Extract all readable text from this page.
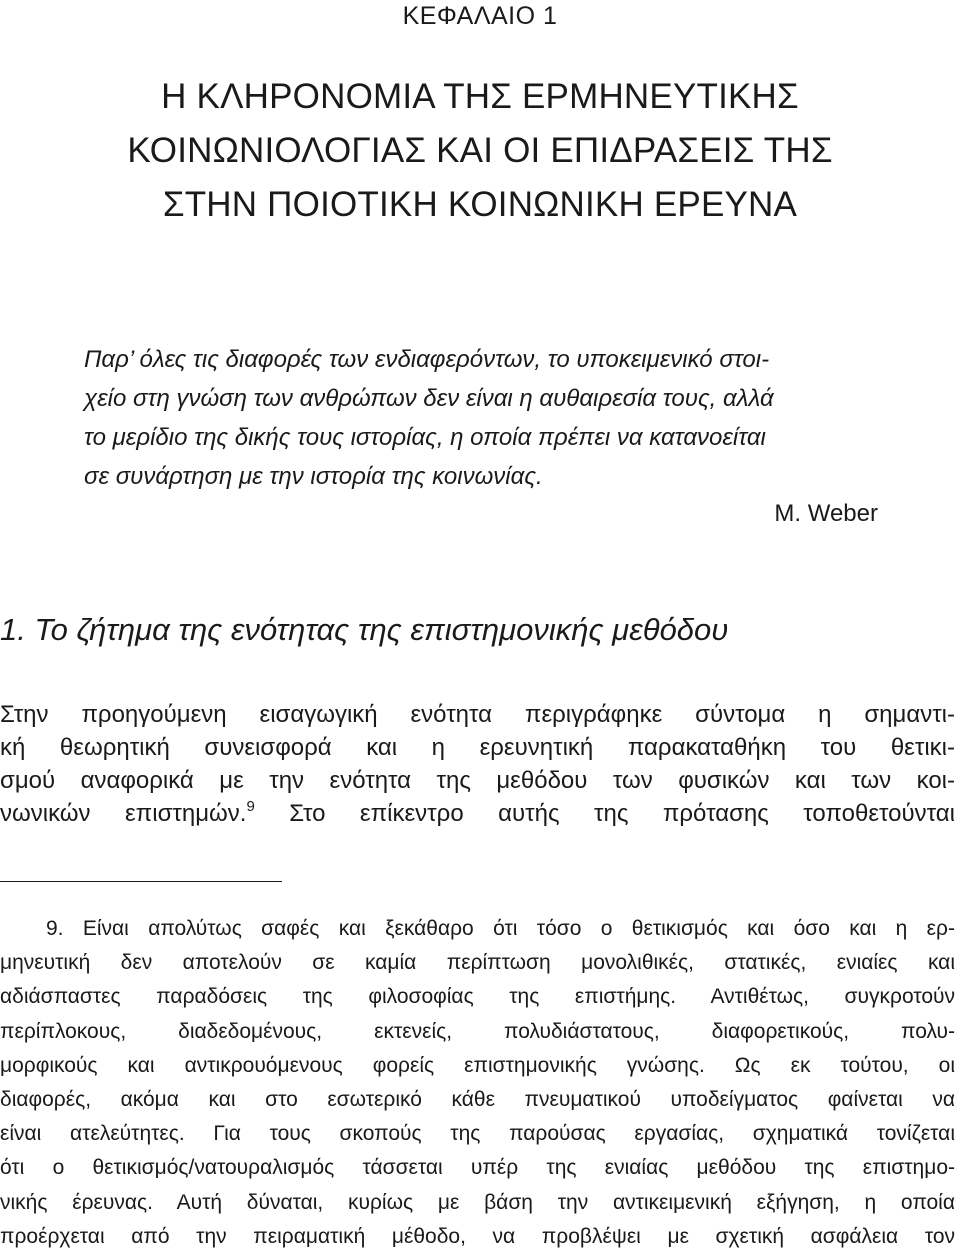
ΚΕΦΑΛΑΙΟ 1
Η ΚΛΗΡΟΝΟΜΙΑ ΤΗΣ ΕΡΜΗΝΕΥΤΙΚΗΣ
ΚΟΙΝΩΝΙΟΛΟΓΙΑΣ ΚΑΙ ΟΙ ΕΠΙΔΡΑΣΕΙΣ ΤΗΣ
ΣΤΗΝ ΠΟΙΟΤΙΚΗ ΚΟΙΝΩΝΙΚΗ ΕΡΕΥΝΑ
Παρ’ όλες τις διαφορές των ενδιαφερόντων, το υποκειμενικό στοι-
χείο στη γνώση των ανθρώπων δεν είναι η αυθαιρεσία τους, αλλά
το μερίδιο της δικής τους ιστορίας, η οποία πρέπει να κατανοείται
σε συνάρτηση με την ιστορία της κοινωνίας.
M. Weber
1. Το ζήτημα της ενότητας της επιστημονικής μεθόδου
Στην προηγούμενη εισαγωγική ενότητα περιγράφηκε σύντομα η σημαντι-
κή θεωρητική συνεισφορά και η ερευνητική παρακαταθήκη του θετικι-
σμού αναφορικά με την ενότητα της μεθόδου των φυσικών και των κοι-
νωνικών επιστημών.$^9$ Στο επίκεντρο αυτής της πρότασης τοποθετούνται
9. Είναι απολύτως σαφές και ξεκάθαρο ότι τόσο ο θετικισμός και όσο και η ερ-
μηνευτική δεν αποτελούν σε καμία περίπτωση μονολιθικές, στατικές, ενιαίες και
αδιάσπαστες παραδόσεις της φιλοσοφίας της επιστήμης. Αντιθέτως, συγκροτούν
περίπλοκους, διαδεδομένους, εκτενείς, πολυδιάστατους, διαφορετικούς, πολυ-
μορφικούς και αντικρουόμενους φορείς επιστημονικής γνώσης. Ως εκ τούτου, οι
διαφορές, ακόμα και στο εσωτερικό κάθε πνευματικού υποδείγματος φαίνεται να
είναι ατελεύτητες. Για τους σκοπούς της παρούσας εργασίας, σχηματικά τονίζεται
ότι ο θετικισμός/νατουραλισμός τάσσεται υπέρ της ενιαίας μεθόδου της επιστημο-
νικής έρευνας. Αυτή δύναται, κυρίως με βάση την αντικειμενική εξήγηση, η οποία
προέρχεται από την πειραματική μέθοδο, να προβλέψει με σχετική ασφάλεια τον
